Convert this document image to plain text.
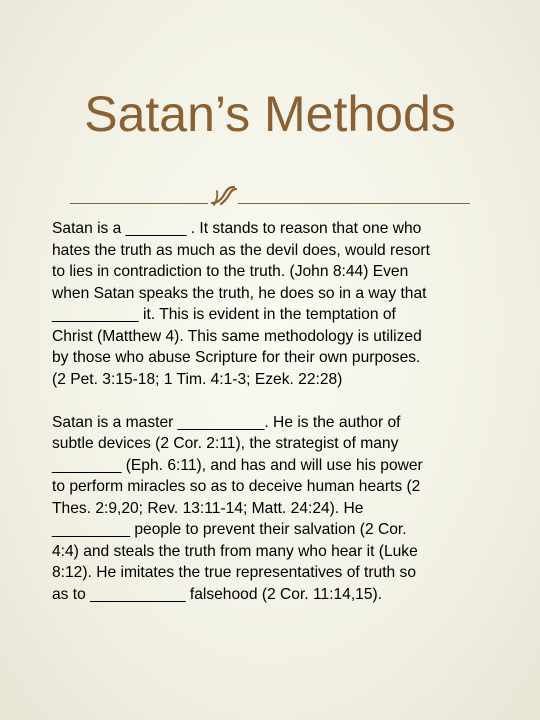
Satan’s Methods
Satan is a _______ . It stands to reason that one who
hates the truth as much as the devil does, would resort
to lies in contradiction to the truth. (John 8:44) Even
when Satan speaks the truth, he does so in a way that
__________ it. This is evident in the temptation of
Christ (Matthew 4). This same methodology is utilized
by those who abuse Scripture for their own purposes.
(2 Pet. 3:15-18; 1 Tim. 4:1-3; Ezek. 22:28)
Satan is a master __________. He is the author of
subtle devices (2 Cor. 2:11), the strategist of many
________ (Eph. 6:11), and has and will use his power
to perform miracles so as to deceive human hearts (2
Thes. 2:9,20; Rev. 13:11-14; Matt. 24:24). He
_________ people to prevent their salvation (2 Cor.
4:4) and steals the truth from many who hear it (Luke
8:12). He imitates the true representatives of truth so
as to ___________ falsehood (2 Cor. 11:14,15).
